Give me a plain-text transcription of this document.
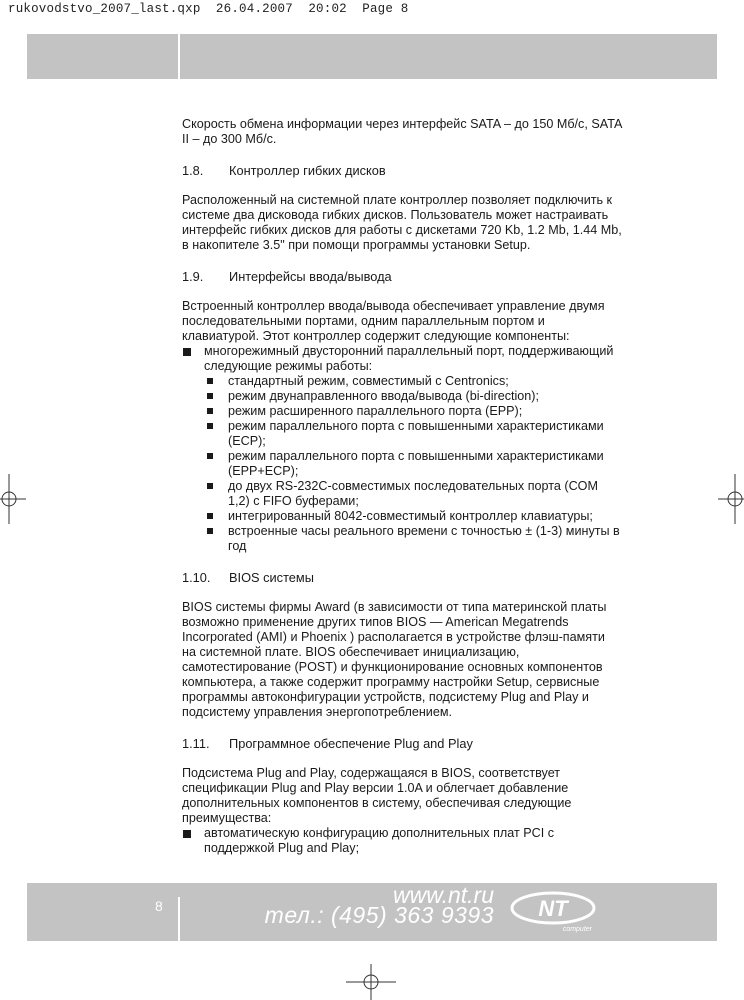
rukovodstvo_2007_last.qxp  26.04.2007  20:02  Page 8

Скорость обмена информации через интерфейс SATA – до 150 Мб/с, SATA II – до 300 Мб/с.

1.8.	Контроллер гибких дисков

Расположенный на системной плате контроллер позволяет подключить к системе два дисковода гибких дисков. Пользователь может настраивать интерфейс гибких дисков для работы с дискетами 720 Kb, 1.2 Mb, 1.44 Mb, в накопителе 3.5" при помощи программы установки Setup.

1.9.	Интерфейсы ввода/вывода

Встроенный контроллер ввода/вывода обеспечивает управление двумя последовательными портами, одним параллельным портом и клавиатурой. Этот контроллер содержит следующие компоненты:

многорежимный двусторонний параллельный порт, поддерживающий следующие режимы работы:
стандартный режим, совместимый с Centronics;
режим двунаправленного ввода/вывода (bi-direction);
режим расширенного параллельного порта (EPP);
режим параллельного порта с повышенными характеристиками (ECP);
режим параллельного порта с повышенными характеристиками (EPP+ECP);
до двух RS-232C-совместимых последовательных порта (COM 1,2) с FIFO буферами;
интегрированный 8042-совместимый контроллер клавиатуры;
встроенные часы реального времени с точностью ± (1-3) минуты в год
1.10.	BIOS системы

BIOS системы фирмы Award (в зависимости от типа материнской платы возможно применение других типов BIOS — American Megatrends Incorporated (AMI) и Phoenix ) располагается в устройстве флэш-памяти на системной плате. BIOS обеспечивает инициализацию, самотестирование (POST) и функционирование основных компонентов компьютера, а также содержит программу настройки Setup, сервисные программы автоконфигурации устройств, подсистему Plug and Play и подсистему управления энергопотреблением.

1.11.	Программное обеспечение Plug and Play

Подсистема Plug and Play, содержащаяся в BIOS, соответствует спецификации Plug and Play версии 1.0A и облегчает добавление дополнительных компонентов в систему, обеспечивая следующие преимущества:

автоматическую конфигурацию дополнительных плат PCI с поддержкой Plug and Play;
8	www.nt.ru
тел.: (495) 363 9393 NT
computer
